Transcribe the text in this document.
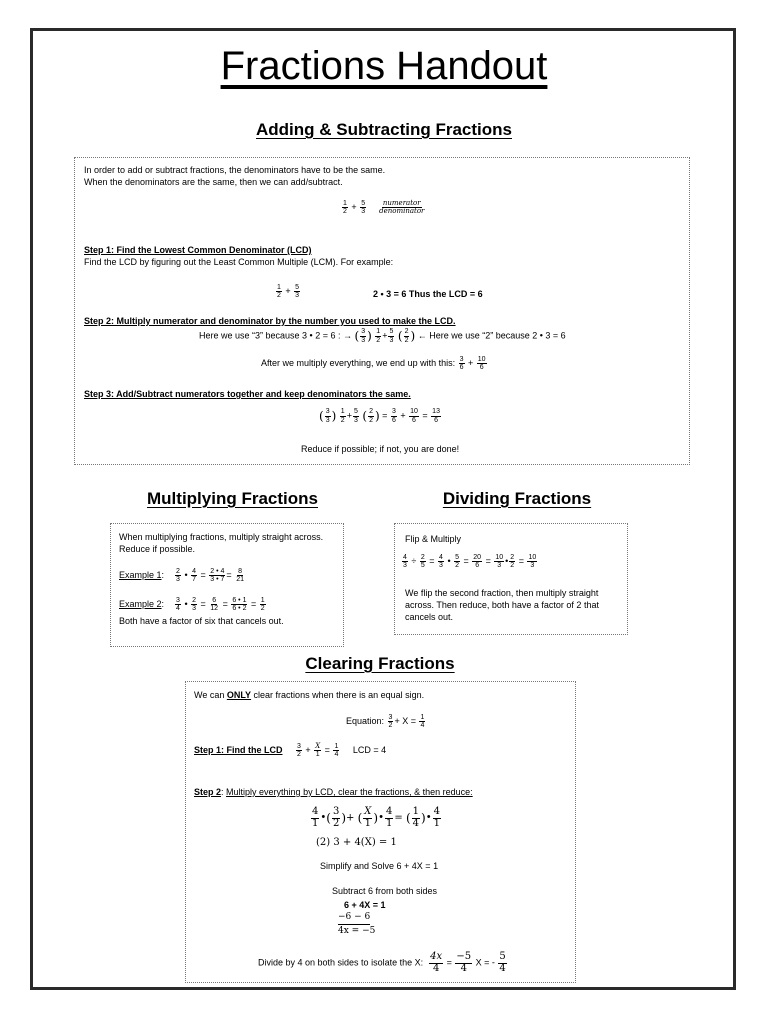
Fractions Handout
Adding & Subtracting Fractions
In order to add or subtract fractions, the denominators have to be the same.
When the denominators are the same, then we can add/subtract.
$\frac{1}{2} + \frac{5}{3}$
$\frac{\text{numerator}}{\text{denominator}}$
Step 1: Find the Lowest Common Denominator (LCD)
Find the LCD by figuring out the Least Common Multiple (LCM). For example:
$\frac{1}{2} + \frac{5}{3}$	2 • 3 = 6 Thus the LCD = 6
Step 2: Multiply numerator and denominator by the number you used to make the LCD.
Here we use “3” because 3 • 2 = 6 : → ( $\frac{3}{3}$ ) $\frac{1}{2} + \frac{5}{3}$ ( $\frac{2}{2}$ ) ← Here we use “2” because 2 • 3 = 6
After we multiply everything, we end up with this: $\frac{3}{6} + \frac{10}{6}$
Step 3: Add/Subtract numerators together and keep denominators the same.
( $\frac{3}{3}$ ) $\frac{1}{2} + \frac{5}{3}$ ( $\frac{2}{2}$ ) = $\frac{3}{6} + \frac{10}{6} = \frac{13}{6}$
Reduce if possible; if not, you are done!
Multiplying Fractions
When multiplying fractions, multiply straight across.
Reduce if possible.
Example 1: $\frac{2}{3}$ • $\frac{4}{7} = \frac{2 • 4}{3 • 7} = \frac{8}{21}$
Example 2: $\frac{3}{4}$ • $\frac{2}{3} = \frac{6}{12} = \frac{6 • 1}{6 • 2} = \frac{1}{2}$
Both have a factor of six that cancels out.
Dividing Fractions
Flip & Multiply
$\frac{4}{3} \div \frac{2}{5} = \frac{4}{3}$ • $\frac{5}{2} = \frac{20}{6} = \frac{10}{3}$ • $\frac{2}{2} = \frac{10}{3}$
We flip the second fraction, then multiply straight
across. Then reduce, both have a factor of 2 that
cancels out.
Clearing Fractions
We can ONLY clear fractions when there is an equal sign.
Equation: $\frac{3}{2} + X = \frac{1}{4}$
Step 1: Find the LCD $\frac{3}{2} + \frac{X}{1} = \frac{1}{4}$ LCD = 4
Step 2: Multiply everything by LCD, clear the fractions, & then reduce:
$\frac{4}{1}$ •( $\frac{3}{2}$ )+ ( $\frac{X}{1}$ )• $\frac{4}{1}$ = ( $\frac{1}{4}$ )• $\frac{4}{1}$
(2) 3 + 4(X) = 1
Simplify and Solve 6 + 4X = 1
Subtract 6 from both sides
6 + 4X = 1
−6 − 6
4x = −5
Divide by 4 on both sides to isolate the X: $\frac{4x}{4} = \frac{-5}{4}$ X = - $\frac{5}{4}$
